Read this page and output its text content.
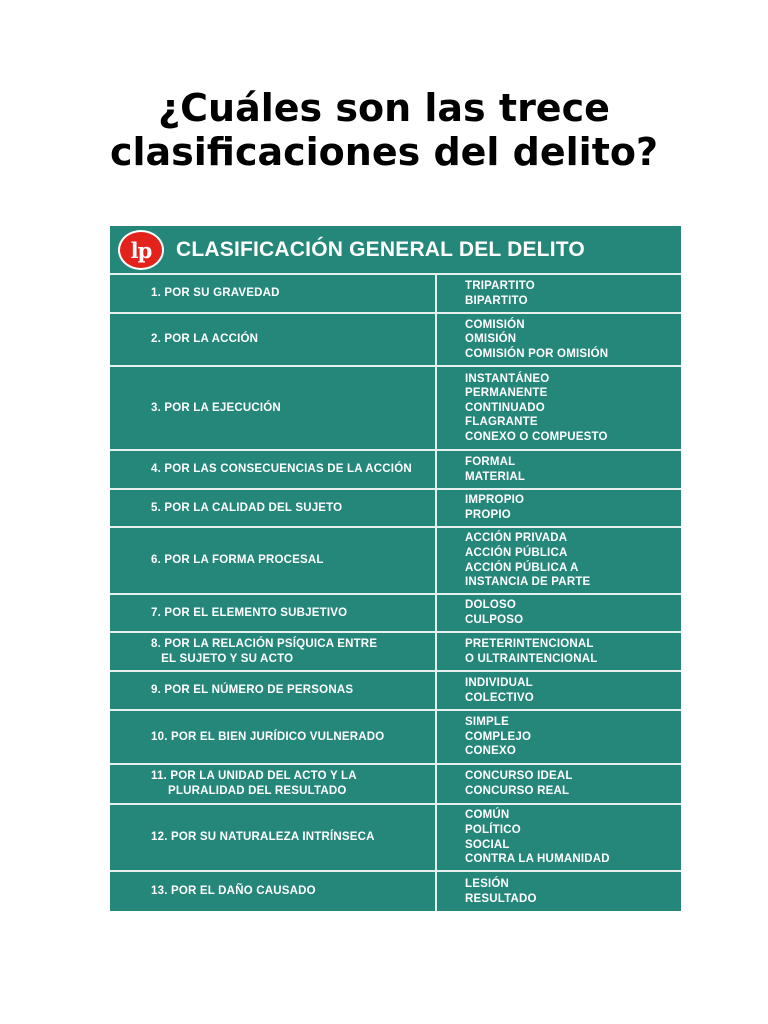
¿Cuáles son las trece clasificaciones del delito?
lp	CLASIFICACIÓN GENERAL DEL DELITO
1. POR SU GRAVEDAD
TRIPARTITO
BIPARTITO
2. POR LA ACCIÓN
COMISIÓN
OMISIÓN
COMISIÓN POR OMISIÓN
3. POR LA EJECUCIÓN
INSTANTÁNEO
PERMANENTE
CONTINUADO
FLAGRANTE
CONEXO O COMPUESTO
4. POR LAS CONSECUENCIAS DE LA ACCIÓN
FORMAL
MATERIAL
5. POR LA CALIDAD DEL SUJETO
IMPROPIO
PROPIO
6. POR LA FORMA PROCESAL
ACCIÓN PRIVADA
ACCIÓN PÚBLICA
ACCIÓN PÚBLICA A
INSTANCIA DE PARTE
7. POR EL ELEMENTO SUBJETIVO
DOLOSO
CULPOSO
8. POR LA RELACIÓN PSÍQUICA ENTRE
EL SUJETO Y SU ACTO
PRETERINTENCIONAL
O ULTRAINTENCIONAL
9. POR EL NÚMERO DE PERSONAS
INDIVIDUAL
COLECTIVO
10. POR EL BIEN JURÍDICO VULNERADO
SIMPLE
COMPLEJO
CONEXO
11. POR LA UNIDAD DEL ACTO Y LA
PLURALIDAD DEL RESULTADO
CONCURSO IDEAL
CONCURSO REAL
12. POR SU NATURALEZA INTRÍNSECA
COMÚN
POLÍTICO
SOCIAL
CONTRA LA HUMANIDAD
13. POR EL DAÑO CAUSADO
LESIÓN
RESULTADO
